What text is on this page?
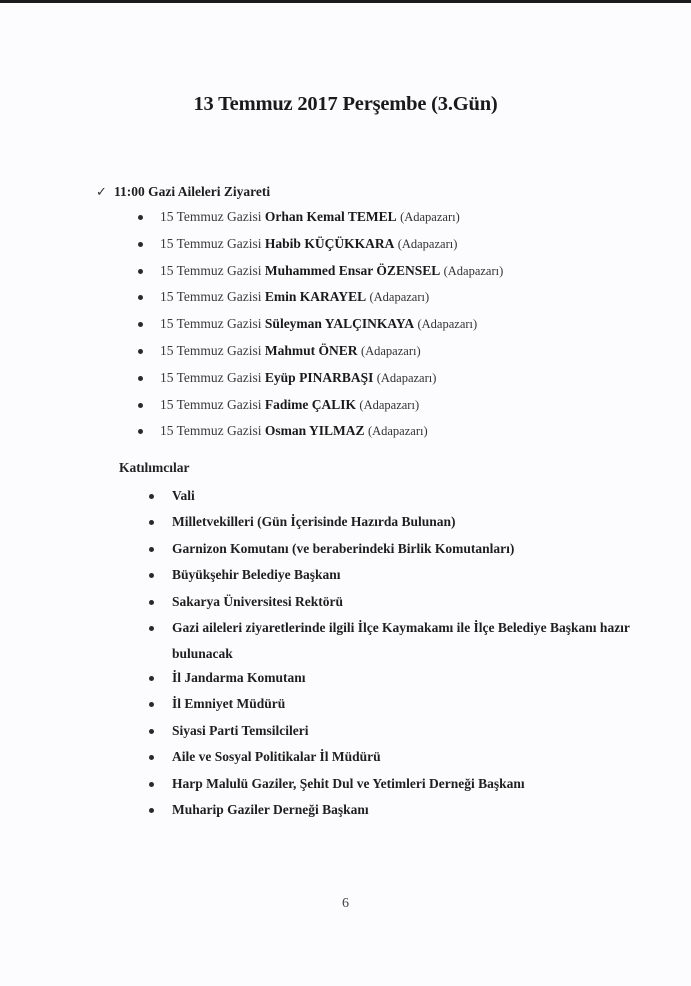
13 Temmuz 2017 Perşembe (3.Gün)
✓ 11:00 Gazi Aileleri Ziyareti
15 Temmuz Gazisi Orhan Kemal TEMEL (Adapazarı)
15 Temmuz Gazisi Habib KÜÇÜKKARA (Adapazarı)
15 Temmuz Gazisi Muhammed Ensar ÖZENSEL (Adapazarı)
15 Temmuz Gazisi Emin KARAYEL (Adapazarı)
15 Temmuz Gazisi Süleyman YALÇINKAYA (Adapazarı)
15 Temmuz Gazisi Mahmut ÖNER (Adapazarı)
15 Temmuz Gazisi Eyüp PINARBAŞI (Adapazarı)
15 Temmuz Gazisi Fadime ÇALIK (Adapazarı)
15 Temmuz Gazisi Osman YILMAZ (Adapazarı)
Katılımcılar
Vali
Milletvekilleri (Gün İçerisinde Hazırda Bulunan)
Garnizon Komutanı (ve beraberindeki Birlik Komutanları)
Büyükşehir Belediye Başkanı
Sakarya Üniversitesi Rektörü
Gazi aileleri ziyaretlerinde ilgili İlçe Kaymakamı ile İlçe Belediye Başkanı hazır bulunacak
İl Jandarma Komutanı
İl Emniyet Müdürü
Siyasi Parti Temsilcileri
Aile ve Sosyal Politikalar İl Müdürü
Harp Malulü Gaziler, Şehit Dul ve Yetimleri Derneği Başkanı
Muharip Gaziler Derneği Başkanı
6
